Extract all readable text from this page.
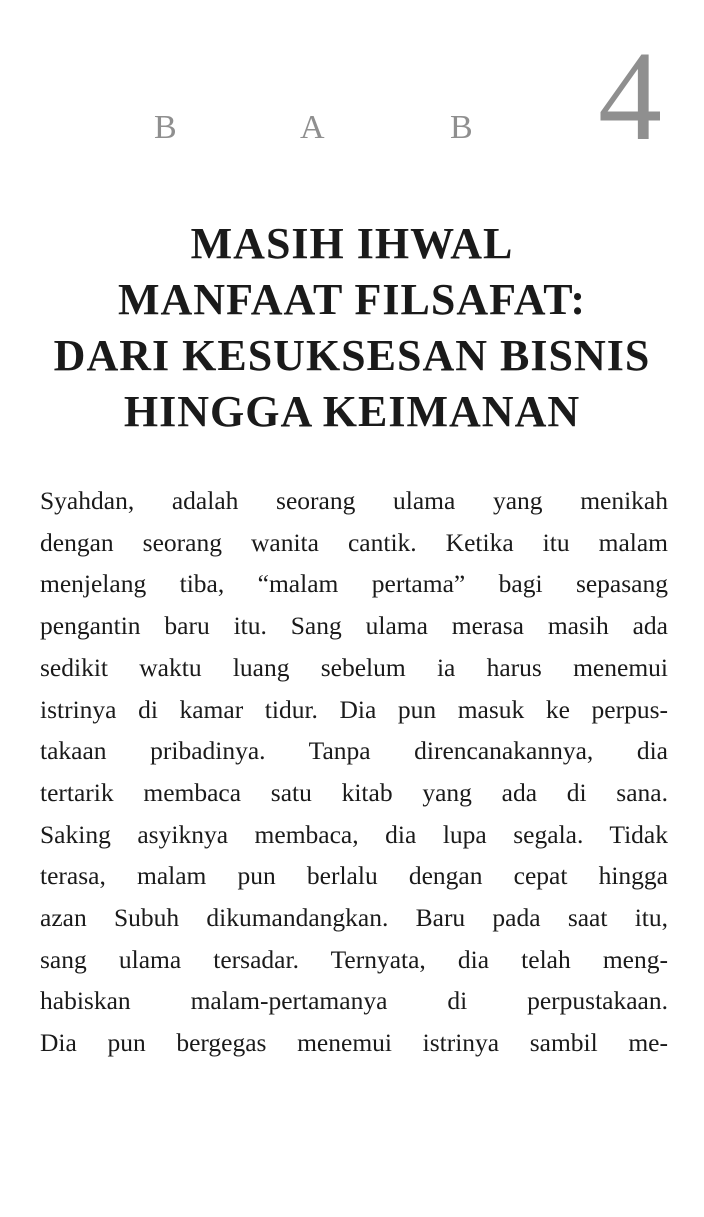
B	A	B 4
MASIH IHWAL
MANFAAT FILSAFAT:
DARI KESUKSESAN BISNIS
HINGGA KEIMANAN
Syahdan, adalah seorang ulama yang menikah
dengan seorang wanita cantik. Ketika itu malam
menjelang tiba, “malam pertama” bagi sepasang
pengantin baru itu. Sang ulama merasa masih ada
sedikit waktu luang sebelum ia harus menemui
istrinya di kamar tidur. Dia pun masuk ke perpus-
takaan pribadinya. Tanpa direncanakannya, dia
tertarik membaca satu kitab yang ada di sana.
Saking asyiknya membaca, dia lupa segala. Tidak
terasa, malam pun berlalu dengan cepat hingga
azan Subuh dikumandangkan. Baru pada saat itu,
sang ulama tersadar. Ternyata, dia telah meng-
habiskan malam-pertamanya di perpustakaan.
Dia pun bergegas menemui istrinya sambil me-
